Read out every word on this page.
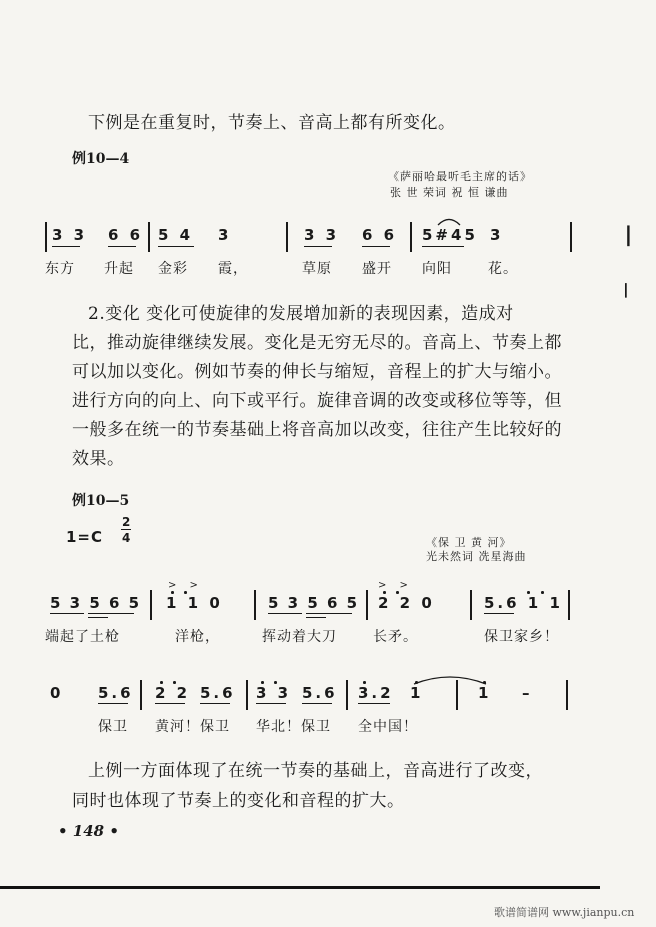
下例是在重复时，节奏上、音高上都有所变化。
例10—4
《萨丽哈最听毛主席的话》
张 世 荣词 祝 恒 谦曲
3 3 6 6 5 4 3	3 3 6 6 5#45 3
东方 升起 金彩 霞，	草原 盛开 向阳	花。
2.变化 变化可使旋律的发展增加新的表现因素，造成对
比，推动旋律继续发展。变化是无穷无尽的。音高上、节奏上都
可以加以变化。例如节奏的伸长与缩短，音程上的扩大与缩小。
进行方向的向上、向下或平行。旋律音调的改变或移位等等，但
一般多在统一的节奏基础上将音高加以改变，往往产生比较好的
效果。
例10—5
1=C
2
4	《保 卫 黄 河》
光未然词 冼星海曲
> >	> >
5 3 5 6 5 1 1 0	5 3 5 6 5 2 2 0	5.6 1 1
端起了土枪	洋枪，	挥动着大刀	长矛。	保卫家乡！
0 5.6 2 2 5.6 3 3 5.6 3.2 1	1 –
保卫 黄河！保卫 华北！保卫 全中国！
上例一方面体现了在统一节奏的基础上，音高进行了改变，
同时也体现了节奏上的变化和音程的扩大。
• 148 •
❘
❘
歌谱简谱网 www.jianpu.cn
